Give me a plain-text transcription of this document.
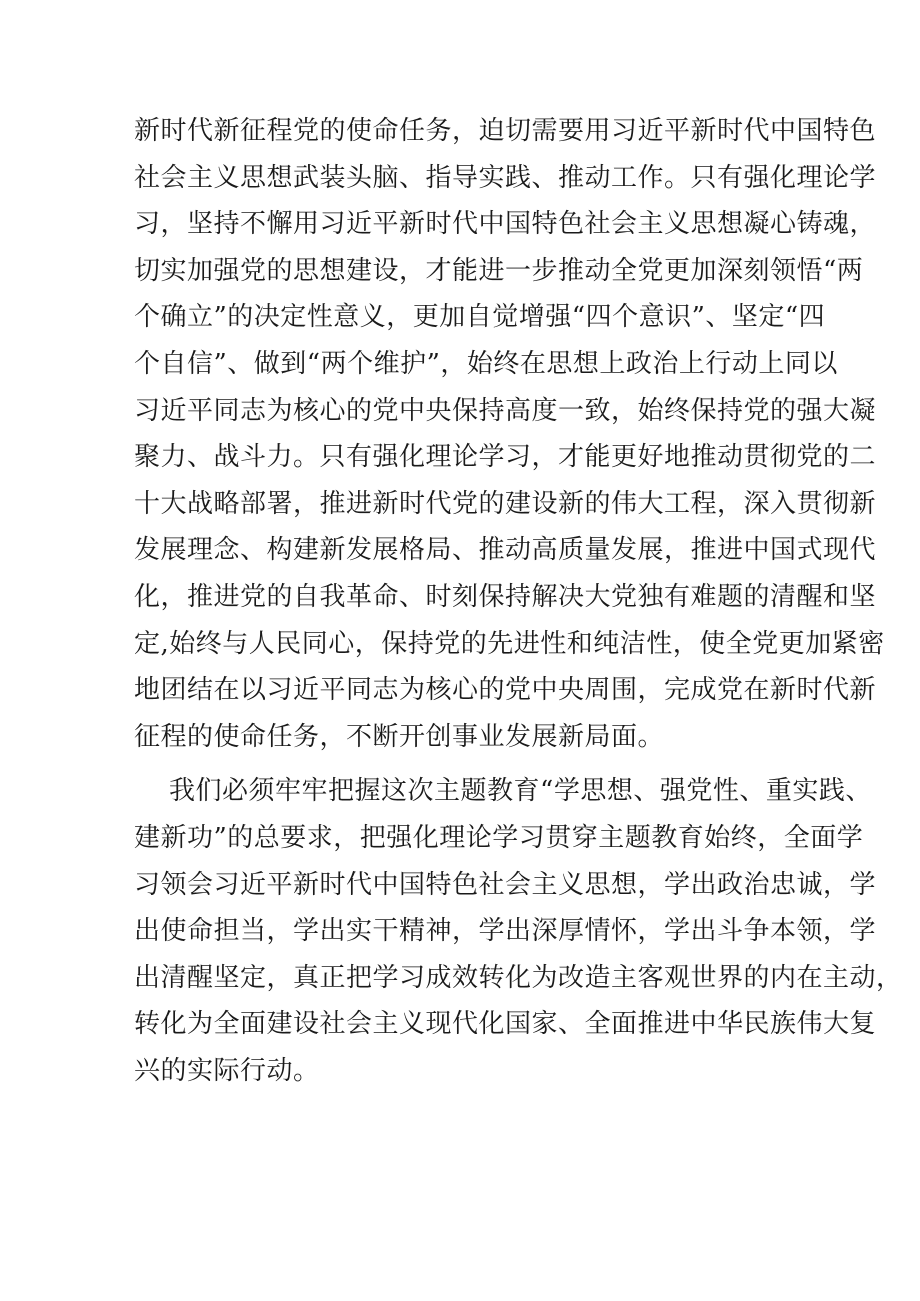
新时代新征程党的使命任务，迫切需要用习近平新时代中国特色
社会主义思想武装头脑、指导实践、推动工作。只有强化理论学
习，坚持不懈用习近平新时代中国特色社会主义思想凝心铸魂，
切实加强党的思想建设，才能进一步推动全党更加深刻领悟“两
个确立”的决定性意义，更加自觉增强“四个意识”、坚定“四
个自信”、做到“两个维护”，始终在思想上政治上行动上同以
习近平同志为核心的党中央保持高度一致，始终保持党的强大凝
聚力、战斗力。只有强化理论学习，才能更好地推动贯彻党的二
十大战略部署，推进新时代党的建设新的伟大工程，深入贯彻新
发展理念、构建新发展格局、推动高质量发展，推进中国式现代
化，推进党的自我革命、时刻保持解决大党独有难题的清醒和坚
定,始终与人民同心，保持党的先进性和纯洁性，使全党更加紧密
地团结在以习近平同志为核心的党中央周围，完成党在新时代新
征程的使命任务，不断开创事业发展新局面。
我们必须牢牢把握这次主题教育“学思想、强党性、重实践、
建新功”的总要求，把强化理论学习贯穿主题教育始终，全面学
习领会习近平新时代中国特色社会主义思想，学出政治忠诚，学
出使命担当，学出实干精神，学出深厚情怀，学出斗争本领，学
出清醒坚定，真正把学习成效转化为改造主客观世界的内在主动，
转化为全面建设社会主义现代化国家、全面推进中华民族伟大复
兴的实际行动。
